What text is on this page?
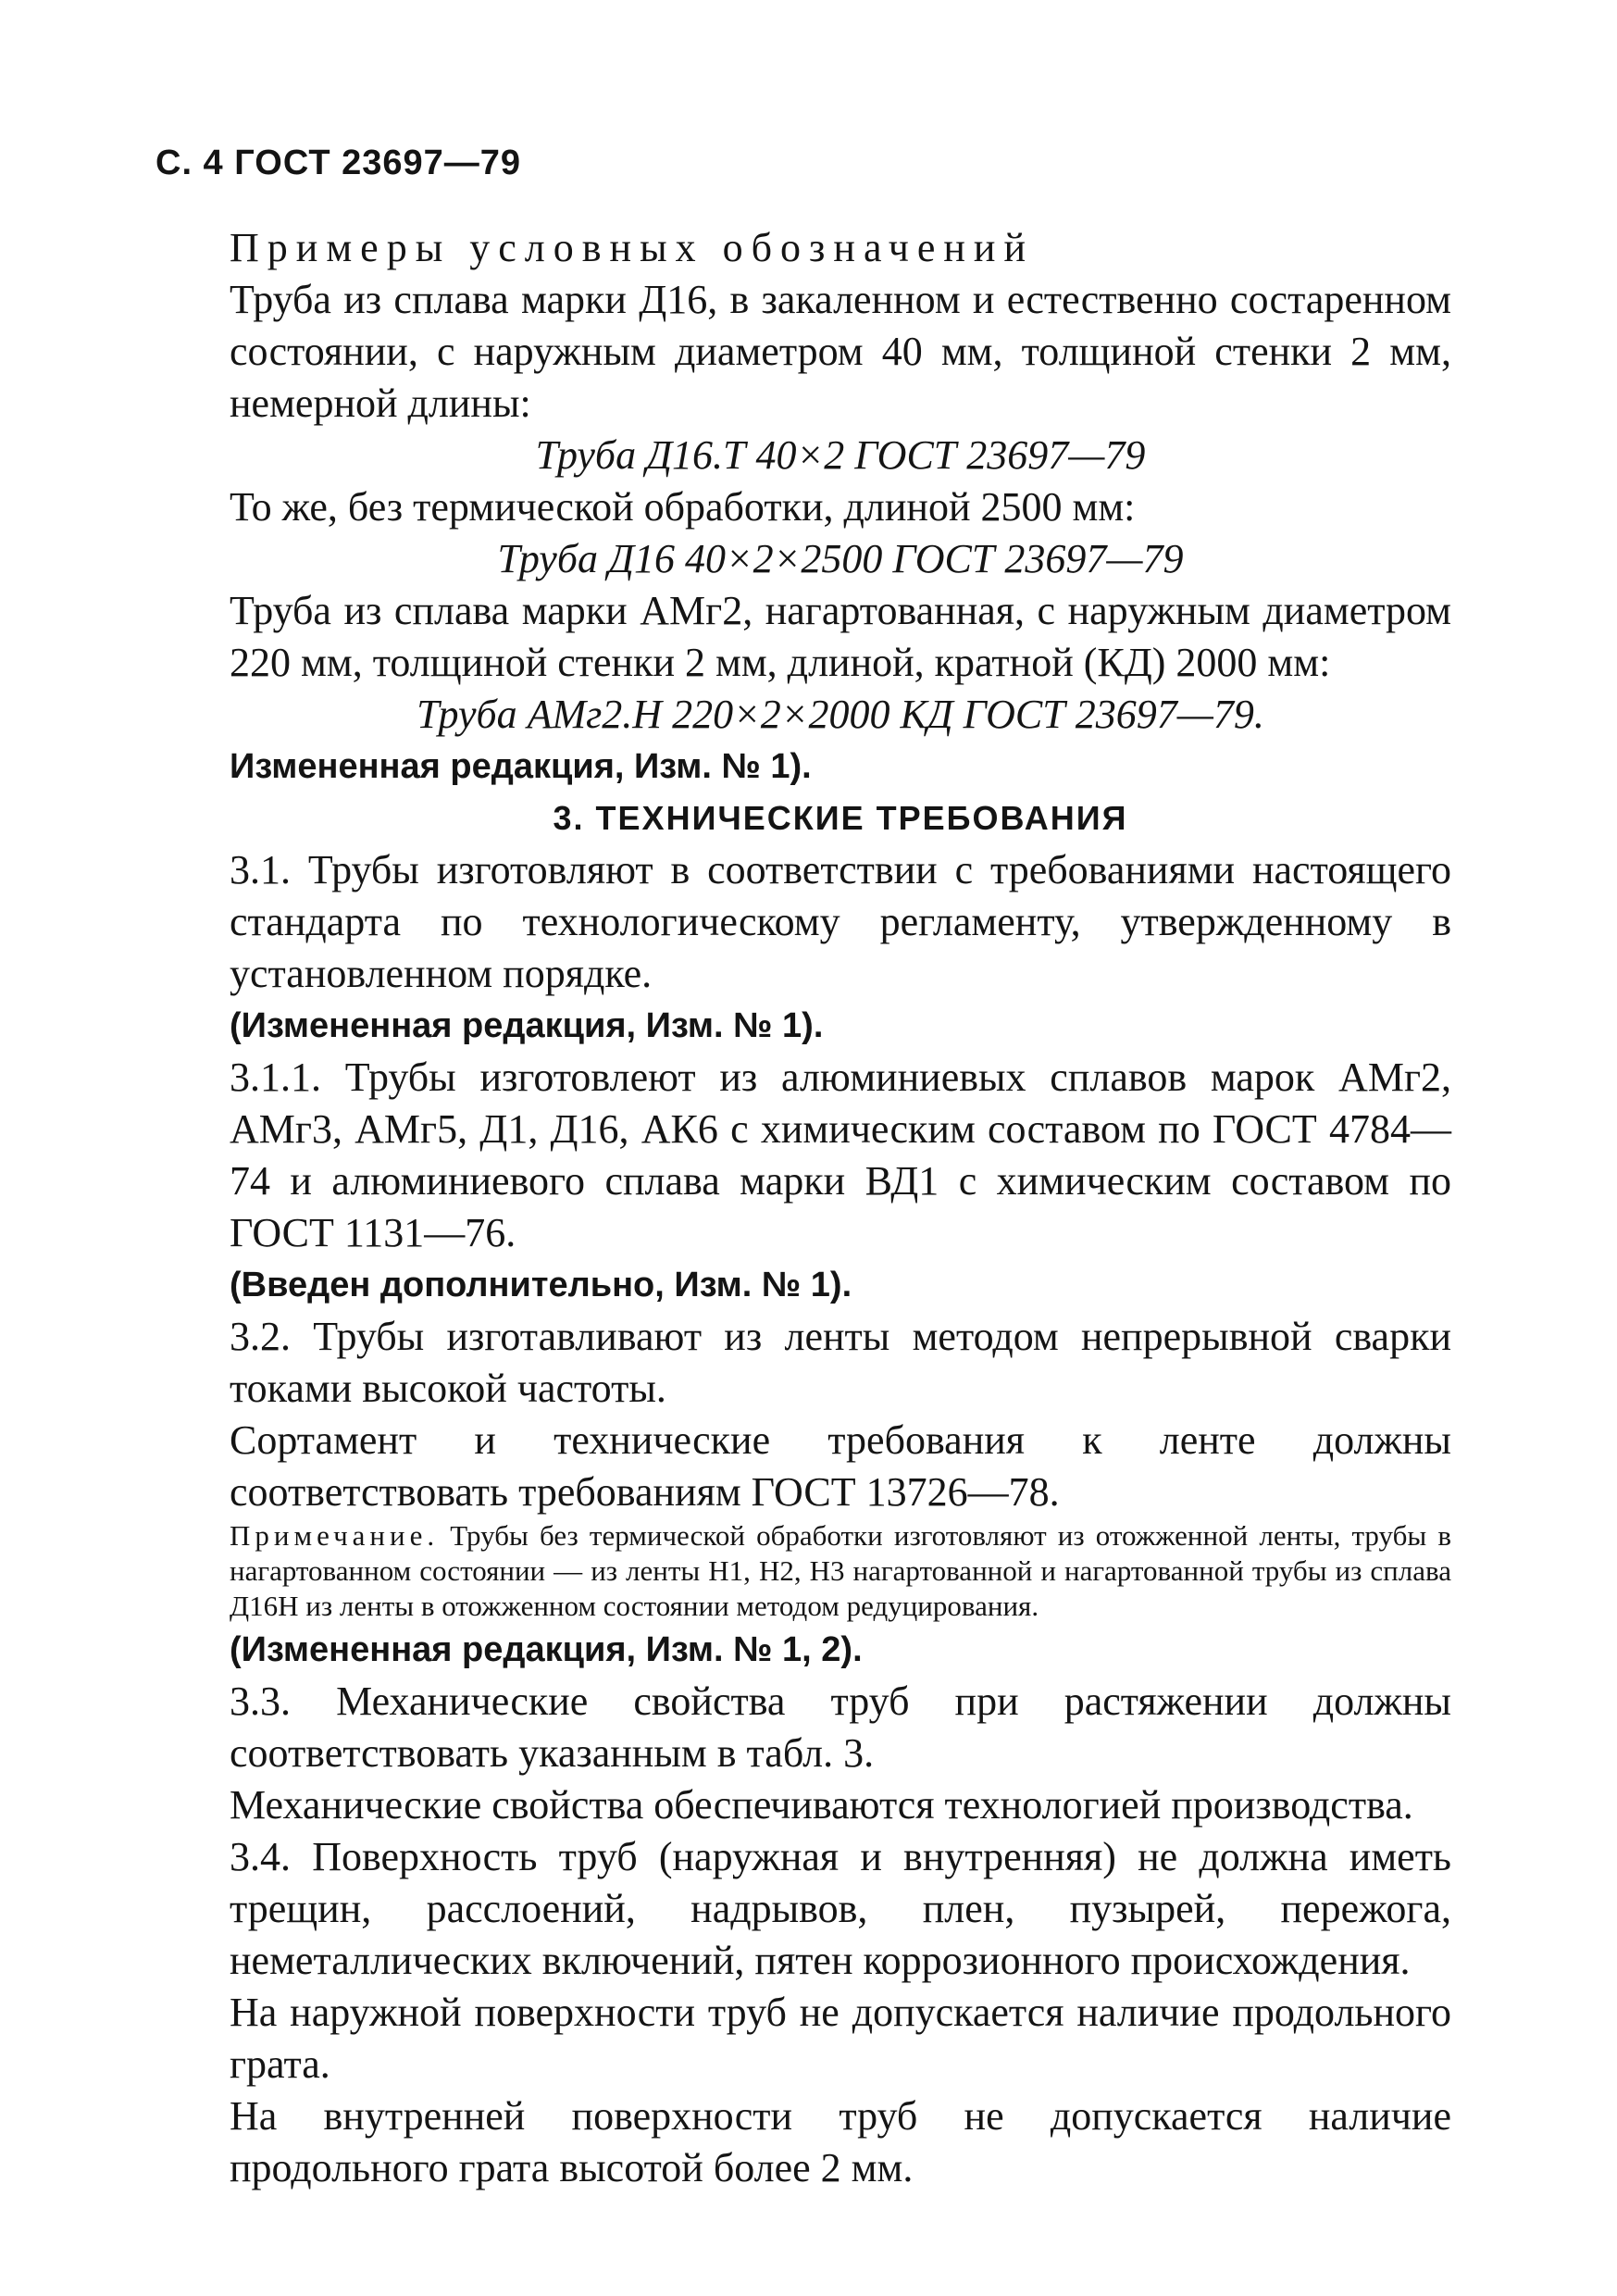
С. 4 ГОСТ 23697—79

Примеры условных обозначений

Труба из сплава марки Д16, в закаленном и естественно состаренном состоянии, с наружным диаметром 40 мм, толщиной стенки 2 мм, немерной длины:

Труба Д16.Т 40×2 ГОСТ 23697—79

То же, без термической обработки, длиной 2500 мм:

Труба Д16 40×2×2500 ГОСТ 23697—79

Труба из сплава марки АМг2, нагартованная, с наружным диаметром 220 мм, толщиной стенки 2 мм, длиной, кратной (КД) 2000 мм:

Труба АМг2.Н 220×2×2000 КД ГОСТ 23697—79.

Измененная редакция, Изм. № 1).

3. ТЕХНИЧЕСКИЕ ТРЕБОВАНИЯ

3.1. Трубы изготовляют в соответствии с требованиями настоящего стандарта по технологическому регламенту, утвержденному в установленном порядке.

(Измененная редакция, Изм. № 1).

3.1.1. Трубы изготовлеют из алюминиевых сплавов марок АМг2, АМг3, АМг5, Д1, Д16, АК6 с химическим составом по ГОСТ 4784—74 и алюминиевого сплава марки ВД1 с химическим составом по ГОСТ 1131—76.

(Введен дополнительно, Изм. № 1).

3.2. Трубы изготавливают из ленты методом непрерывной сварки токами высокой частоты.

Сортамент и технические требования к ленте должны соответствовать требованиям ГОСТ 13726—78.

Примечание. Трубы без термической обработки изготовляют из отожженной ленты, трубы в нагартованном состоянии — из ленты Н1, Н2, Н3 нагартованной и нагартованной трубы из сплава Д16Н из ленты в отожженном состоянии методом редуцирования.

(Измененная редакция, Изм. № 1, 2).

3.3. Механические свойства труб при растяжении должны соответствовать указанным в табл. 3.

Механические свойства обеспечиваются технологией производства.

3.4. Поверхность труб (наружная и внутренняя) не должна иметь трещин, расслоений, надрывов, плен, пузырей, пережога, неметаллических включений, пятен коррозионного происхождения.

На наружной поверхности труб не допускается наличие продольного грата.

На внутренней поверхности труб не допускается наличие продольного грата высотой более 2 мм.
